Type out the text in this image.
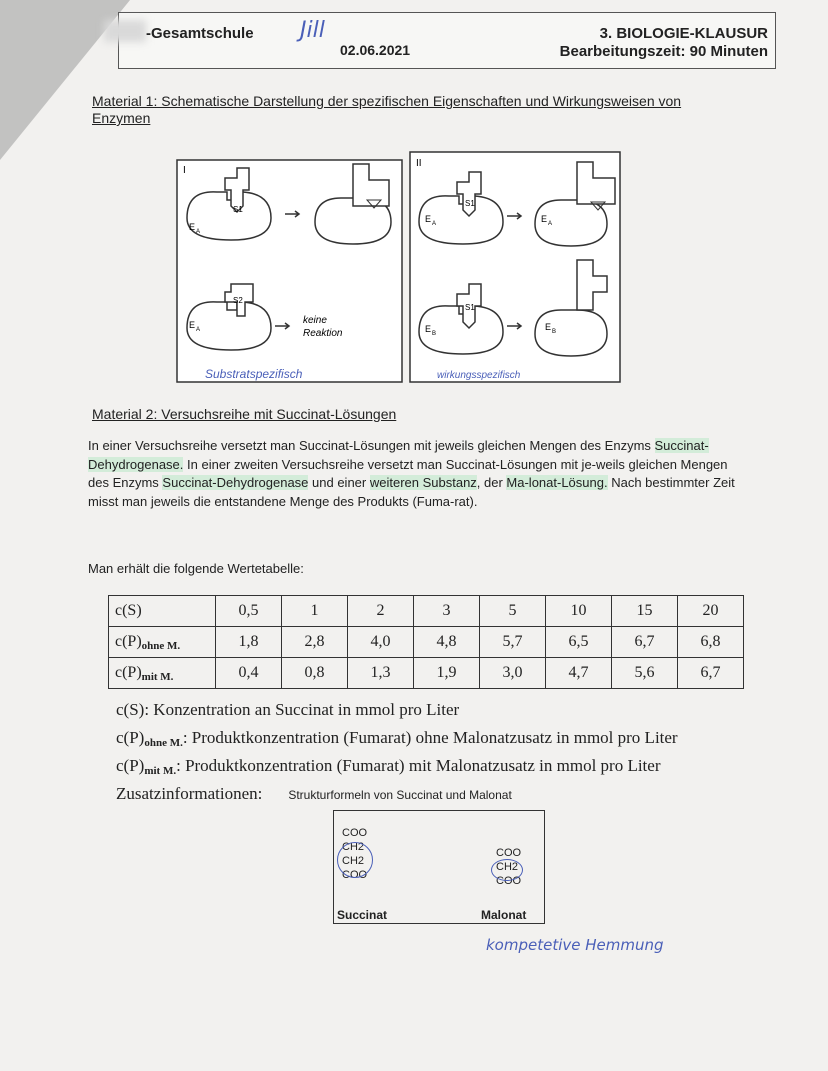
-Gesamtschule Jill
02.06.2021
3. BIOLOGIE-KLAUSUR
Bearbeitungszeit: 90 Minuten
Material 1: Schematische Darstellung der spezifischen Eigenschaften und Wirkungsweisen von Enzymen
I
S1
E A
S2
E A
keine
Reaktion
II
S1
E A	E A
S1
E B
E B
Substratspezifisch	wirkungsspezifisch
Material 2: Versuchsreihe mit Succinat-Lösungen
In einer Versuchsreihe versetzt man Succinat-Lösungen mit jeweils gleichen Mengen des Enzyms Succinat-Dehydrogenase. In einer zweiten Versuchsreihe versetzt man Succinat-Lösungen mit je-weils gleichen Mengen des Enzyms Succinat-Dehydrogenase und einer weiteren Substanz, der Ma-lonat-Lösung. Nach bestimmter Zeit misst man jeweils die entstandene Menge des Produkts (Fuma-rat).
Man erhält die folgende Wertetabelle:
c(S)	0,5	1	2	3	5	10	15	20
$c(P)_{ohne M.}$	1,8	2,8	4,0	4,8	5,7	6,5	6,7	6,8
$c(P)_{mit M.}$	0,4	0,8	1,3	1,9	3,0	4,7	5,6	6,7
c(S): Konzentration an Succinat in mmol pro Liter
$c(P)_{ohne M.}$: Produktkonzentration (Fumarat) ohne Malonatzusatz in mmol pro Liter
$c(P)_{mit M.}$: Produktkonzentration (Fumarat) mit Malonatzusatz in mmol pro Liter
Zusatzinformationen: Strukturformeln von Succinat und Malonat
COO
CH2
CH2
COO
Succinat
COO
CH2
COO
Malonat
kompetetive Hemmung
